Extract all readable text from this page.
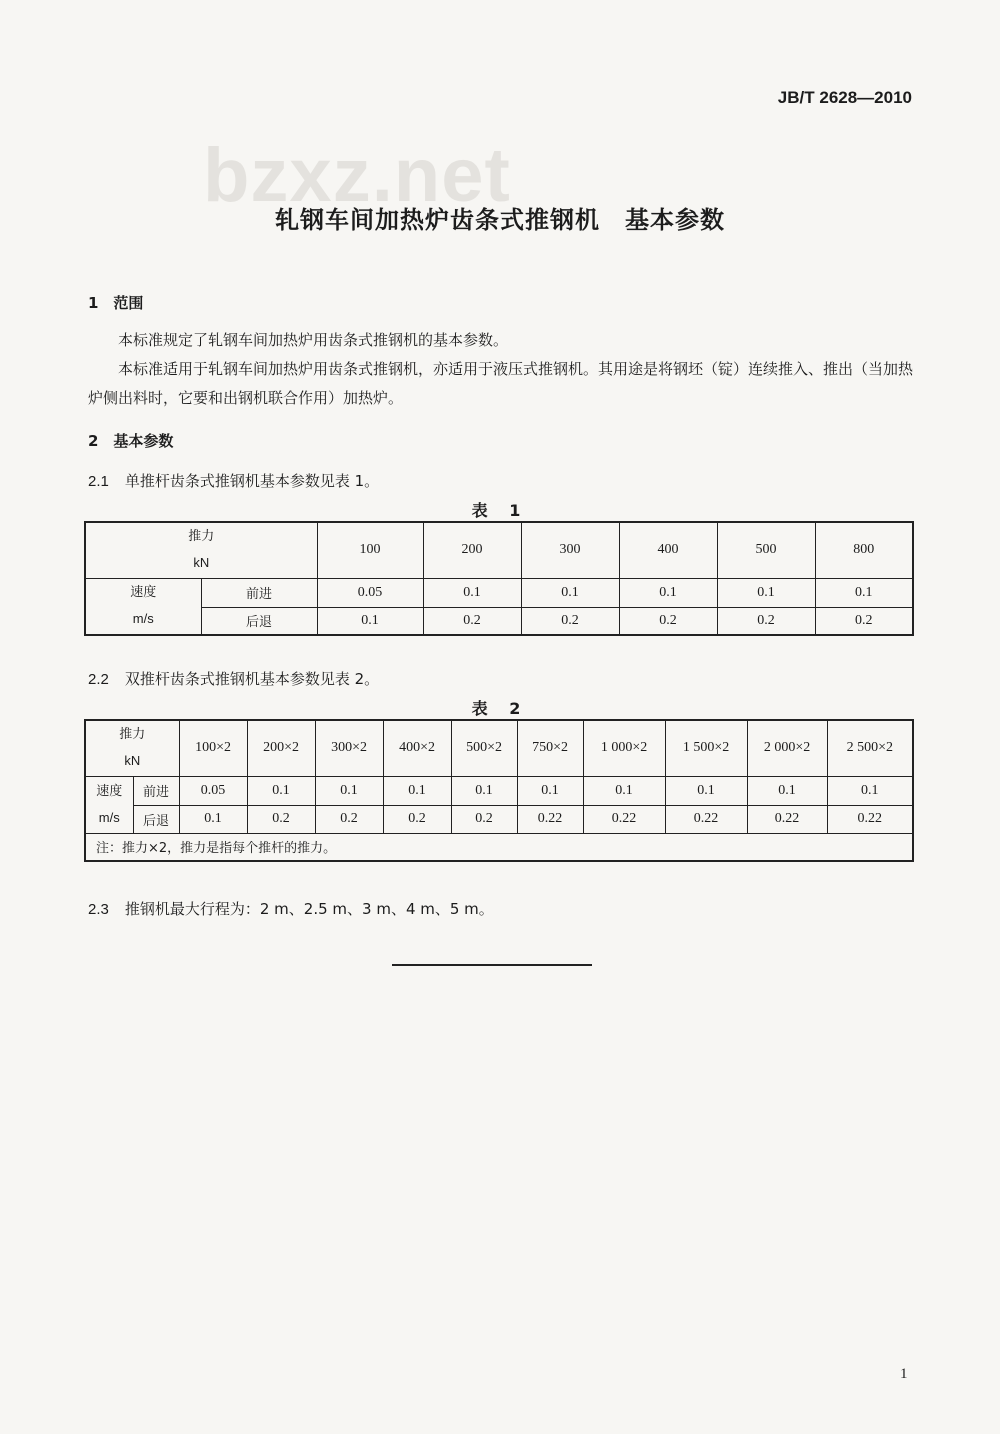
JB/T 2628—2010
bzxz.net
轧钢车间加热炉齿条式推钢机　基本参数
1　范围
本标准规定了轧钢车间加热炉用齿条式推钢机的基本参数。
本标准适用于轧钢车间加热炉用齿条式推钢机，亦适用于液压式推钢机。其用途是将钢坯（锭）连续推入、推出（当加热炉侧出料时，它要和出钢机联合作用）加热炉。
2　基本参数
2.1 单推杆齿条式推钢机基本参数见表 1。
表 1
推力
kN		100	200	300	400	500	800

速度
m/s	前进	0.05	0.1	0.1	0.1	0.1	0.1
	后退	0.1	0.2	0.2	0.2	0.2	0.2
2.2 双推杆齿条式推钢机基本参数见表 2。
表 2
推力
kN		100×2	200×2	300×2	400×2	500×2	750×2	1 000×2	1 500×2	2 000×2	2 500×2

速度
m/s	前进	0.05	0.1	0.1	0.1	0.1	0.1	0.1	0.1	0.1	0.1
	后退	0.1	0.2	0.2	0.2	0.2	0.22	0.22	0.22	0.22	0.22
注：推力×2，推力是指每个推杆的推力。											
2.3 推钢机最大行程为：2 m、2.5 m、3 m、4 m、5 m。
1
